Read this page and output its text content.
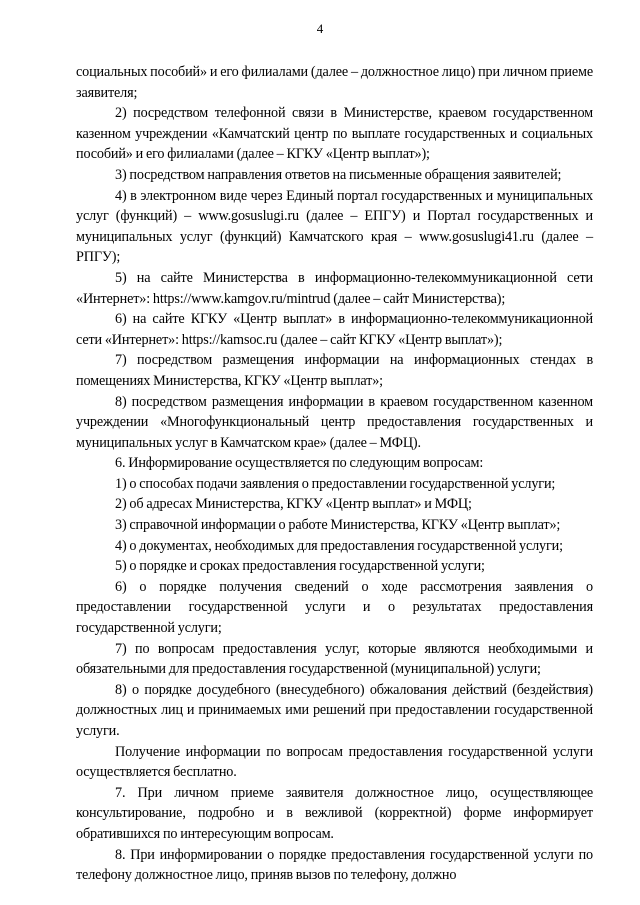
4

социальных пособий» и его филиалами (далее – должностное лицо) при личном приеме заявителя;

2) посредством телефонной связи в Министерстве, краевом государственном казенном учреждении «Камчатский центр по выплате государственных и социальных пособий» и его филиалами (далее – КГКУ «Центр выплат»);

3) посредством направления ответов на письменные обращения заявителей;

4) в электронном виде через Единый портал государственных и муниципальных услуг (функций) – www.gosuslugi.ru (далее – ЕПГУ) и Портал государственных и муниципальных услуг (функций) Камчатского края – www.gosuslugi41.ru (далее – РПГУ);

5) на сайте Министерства в информационно-телекоммуникационной сети «Интернет»: https://www.kamgov.ru/mintrud (далее – сайт Министерства);

6) на сайте КГКУ «Центр выплат» в информационно-телекоммуникационной сети «Интернет»: https://kamsoc.ru (далее – сайт КГКУ «Центр выплат»);

7) посредством размещения информации на информационных стендах в помещениях Министерства, КГКУ «Центр выплат»;

8) посредством размещения информации в краевом государственном казенном учреждении «Многофункциональный центр предоставления государственных и муниципальных услуг в Камчатском крае» (далее – МФЦ).

6. Информирование осуществляется по следующим вопросам:

1) о способах подачи заявления о предоставлении государственной услуги;

2) об адресах Министерства, КГКУ «Центр выплат» и МФЦ;

3) справочной информации о работе Министерства, КГКУ «Центр выплат»;

4) о документах, необходимых для предоставления государственной услуги;

5) о порядке и сроках предоставления государственной услуги;

6) о порядке получения сведений о ходе рассмотрения заявления о предоставлении государственной услуги и о результатах предоставления государственной услуги;

7) по вопросам предоставления услуг, которые являются необходимыми и обязательными для предоставления государственной (муниципальной) услуги;

8) о порядке досудебного (внесудебного) обжалования действий (бездействия) должностных лиц и принимаемых ими решений при предоставлении государственной услуги.

Получение информации по вопросам предоставления государственной услуги осуществляется бесплатно.

7. При личном приеме заявителя должностное лицо, осуществляющее консультирование, подробно и в вежливой (корректной) форме информирует обратившихся по интересующим вопросам.

8. При информировании о порядке предоставления государственной услуги по телефону должностное лицо, приняв вызов по телефону, должно
